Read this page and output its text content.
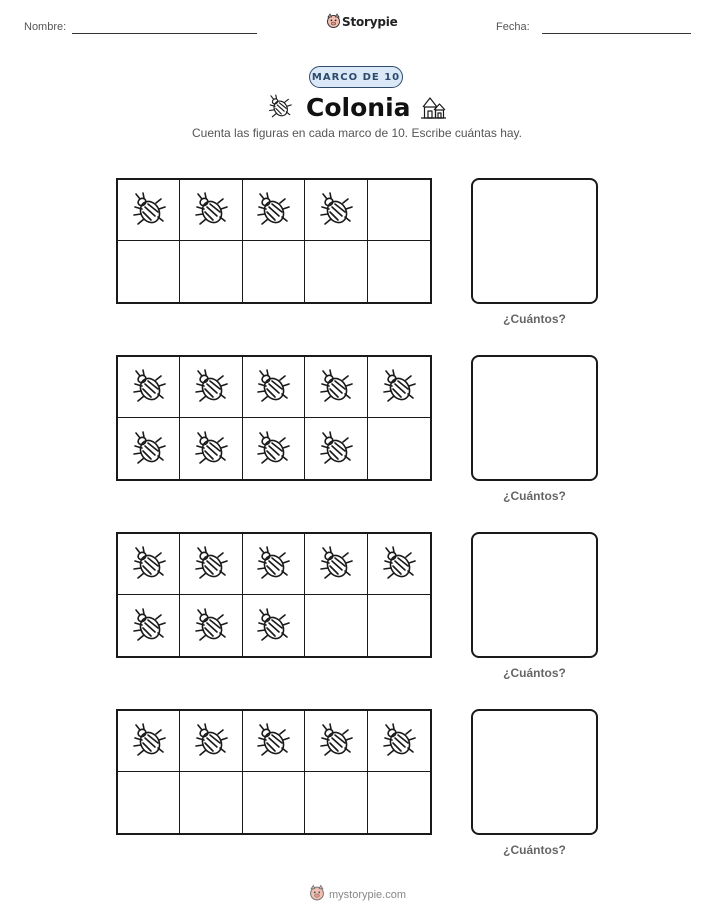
Nombre:	Storypie	Fecha:
MARCO DE 10
Colonia
Cuenta las figuras en cada marco de 10. Escribe cuántas hay.
¿Cuántos?
¿Cuántos?
¿Cuántos?
¿Cuántos?
mystorypie.com
